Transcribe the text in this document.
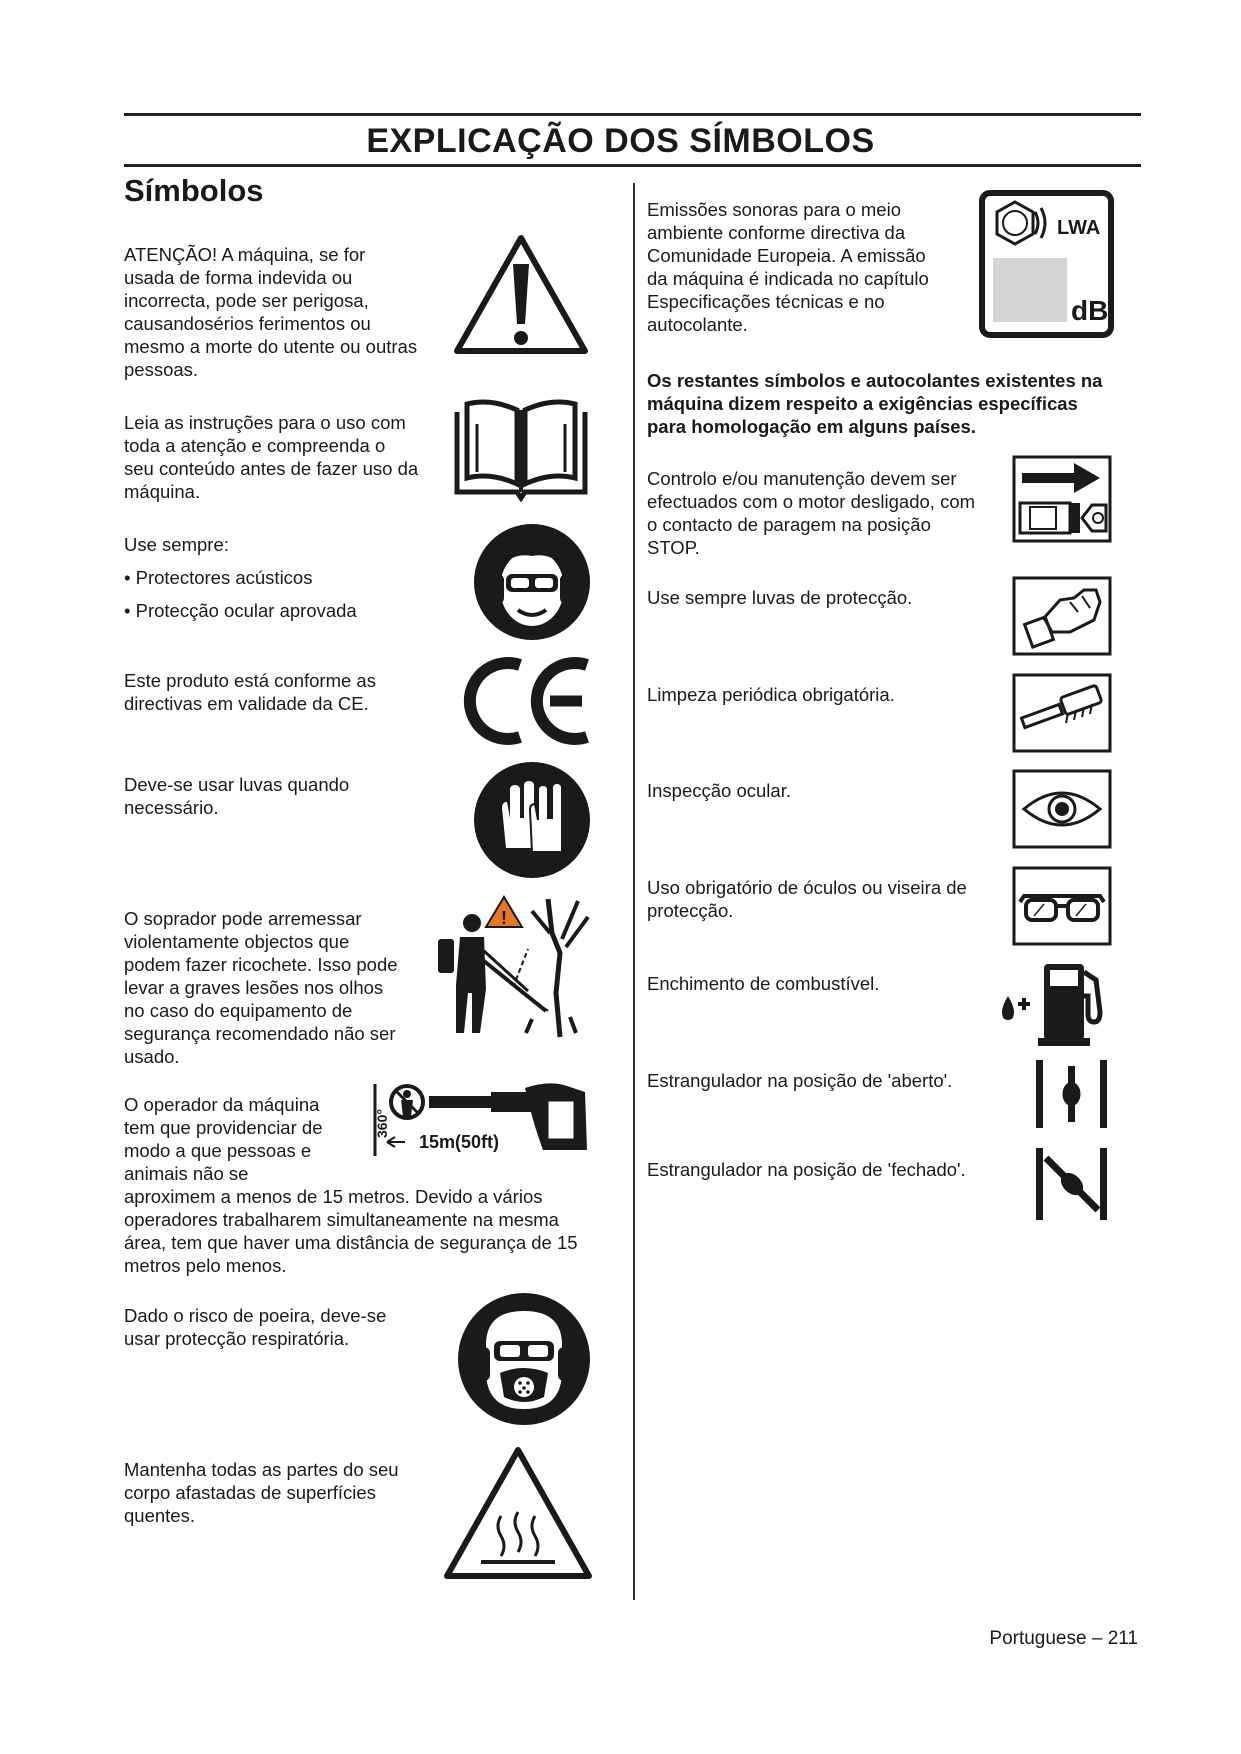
EXPLICAÇÃO DOS SÍMBOLOS
Símbolos
ATENÇÃO! A máquina, se for
usada de forma indevida ou
incorrecta, pode ser perigosa,
causandosérios ferimentos ou
mesmo a morte do utente ou outras
pessoas.
Leia as instruções para o uso com
toda a atenção e compreenda o
seu conteúdo antes de fazer uso da
máquina.
Use sempre:
• Protectores acústicos
• Protecção ocular aprovada
Este produto está conforme as
directivas em validade da CE.
Deve-se usar luvas quando
necessário.
O soprador pode arremessar
violentamente objectos que
podem fazer ricochete. Isso pode
levar a graves lesões nos olhos
no caso do equipamento de
segurança recomendado não ser
usado.
!
O operador da máquina
tem que providenciar de
modo a que pessoas e
animais não se
aproximem a menos de 15 metros. Devido a vários
operadores trabalharem simultaneamente na mesma
área, tem que haver uma distância de segurança de 15
metros pelo menos.
360°
15m(50ft)
Dado o risco de poeira, deve-se
usar protecção respiratória.
Mantenha todas as partes do seu
corpo afastadas de superfícies
quentes.
Emissões sonoras para o meio
ambiente conforme directiva da
Comunidade Europeia. A emissão
da máquina é indicada no capítulo
Especificações técnicas e no
autocolante.
LWA
dB
Os restantes símbolos e autocolantes existentes na
máquina dizem respeito a exigências específicas
para homologação em alguns países.
Controlo e/ou manutenção devem ser
efectuados com o motor desligado, com
o contacto de paragem na posição
STOP.
Use sempre luvas de protecção.
Limpeza periódica obrigatória.
Inspecção ocular.
Uso obrigatório de óculos ou viseira de
protecção.
Enchimento de combustível.
Estrangulador na posição de 'aberto'.
Estrangulador na posição de 'fechado'.
Portuguese – 211
